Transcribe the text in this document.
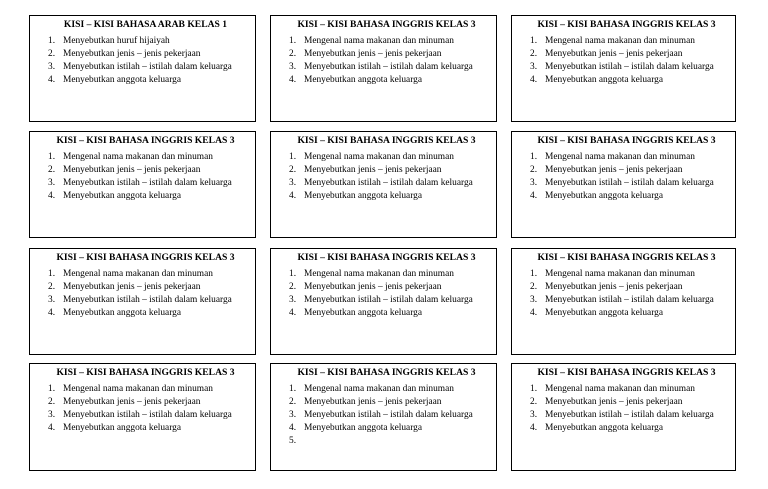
KISI – KISI BAHASA ARAB KELAS 1
1. Menyebutkan huruf hijaiyah
2. Menyebutkan jenis – jenis pekerjaan
3. Menyebutkan istilah – istilah dalam keluarga
4. Menyebutkan anggota keluarga
KISI – KISI BAHASA INGGRIS KELAS 3
1. Mengenal nama makanan dan minuman
2. Menyebutkan jenis – jenis pekerjaan
3. Menyebutkan istilah – istilah dalam keluarga
4. Menyebutkan anggota keluarga
KISI – KISI BAHASA INGGRIS KELAS 3
1. Mengenal nama makanan dan minuman
2. Menyebutkan jenis – jenis pekerjaan
3. Menyebutkan istilah – istilah dalam keluarga
4. Menyebutkan anggota keluarga
KISI – KISI BAHASA INGGRIS KELAS 3
1. Mengenal nama makanan dan minuman
2. Menyebutkan jenis – jenis pekerjaan
3. Menyebutkan istilah – istilah dalam keluarga
4. Menyebutkan anggota keluarga
KISI – KISI BAHASA INGGRIS KELAS 3
1. Mengenal nama makanan dan minuman
2. Menyebutkan jenis – jenis pekerjaan
3. Menyebutkan istilah – istilah dalam keluarga
4. Menyebutkan anggota keluarga
KISI – KISI BAHASA INGGRIS KELAS 3
1. Mengenal nama makanan dan minuman
2. Menyebutkan jenis – jenis pekerjaan
3. Menyebutkan istilah – istilah dalam keluarga
4. Menyebutkan anggota keluarga
KISI – KISI BAHASA INGGRIS KELAS 3
1. Mengenal nama makanan dan minuman
2. Menyebutkan jenis – jenis pekerjaan
3. Menyebutkan istilah – istilah dalam keluarga
4. Menyebutkan anggota keluarga
KISI – KISI BAHASA INGGRIS KELAS 3
1. Mengenal nama makanan dan minuman
2. Menyebutkan jenis – jenis pekerjaan
3. Menyebutkan istilah – istilah dalam keluarga
4. Menyebutkan anggota keluarga
KISI – KISI BAHASA INGGRIS KELAS 3
1. Mengenal nama makanan dan minuman
2. Menyebutkan jenis – jenis pekerjaan
3. Menyebutkan istilah – istilah dalam keluarga
4. Menyebutkan anggota keluarga
KISI – KISI BAHASA INGGRIS KELAS 3
1. Mengenal nama makanan dan minuman
2. Menyebutkan jenis – jenis pekerjaan
3. Menyebutkan istilah – istilah dalam keluarga
4. Menyebutkan anggota keluarga
KISI – KISI BAHASA INGGRIS KELAS 3
1. Mengenal nama makanan dan minuman
2. Menyebutkan jenis – jenis pekerjaan
3. Menyebutkan istilah – istilah dalam keluarga
4. Menyebutkan anggota keluarga
5.
KISI – KISI BAHASA INGGRIS KELAS 3
1. Mengenal nama makanan dan minuman
2. Menyebutkan jenis – jenis pekerjaan
3. Menyebutkan istilah – istilah dalam keluarga
4. Menyebutkan anggota keluarga
